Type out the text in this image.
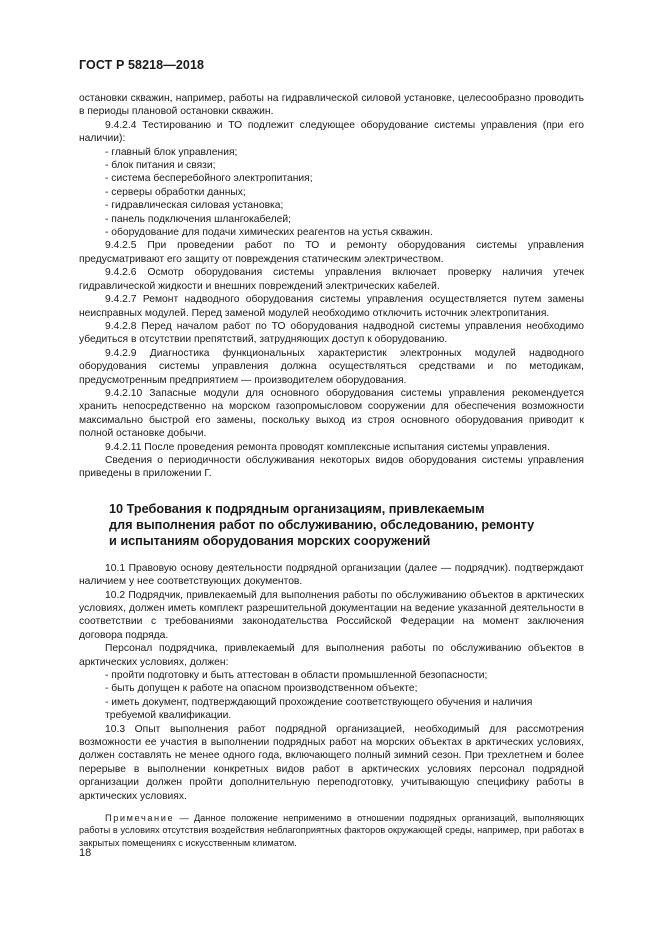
ГОСТ Р 58218—2018

остановки скважин, например, работы на гидравлической силовой установке, целесообразно проводить в периоды плановой остановки скважин.

9.4.2.4 Тестированию и ТО подлежит следующее оборудование системы управления (при его наличии):

- главный блок управления;

- блок питания и связи;

- система бесперебойного электропитания;

- серверы обработки данных;

- гидравлическая силовая установка;

- панель подключения шлангокабелей;

- оборудование для подачи химических реагентов на устья скважин.

9.4.2.5 При проведении работ по ТО и ремонту оборудования системы управления предусматривают его защиту от повреждения статическим электричеством.

9.4.2.6 Осмотр оборудования системы управления включает проверку наличия утечек гидравлической жидкости и внешних повреждений электрических кабелей.

9.4.2.7 Ремонт надводного оборудования системы управления осуществляется путем замены неисправных модулей. Перед заменой модулей необходимо отключить источник электропитания.

9.4.2.8 Перед началом работ по ТО оборудования надводной системы управления необходимо убедиться в отсутствии препятствий, затрудняющих доступ к оборудованию.

9.4.2.9 Диагностика функциональных характеристик электронных модулей надводного оборудования системы управления должна осуществляться средствами и по методикам, предусмотренным предприятием — производителем оборудования.

9.4.2.10 Запасные модули для основного оборудования системы управления рекомендуется хранить непосредственно на морском газопромысловом сооружении для обеспечения возможности максимально быстрой его замены, поскольку выход из строя основного оборудования приводит к полной остановке добычи.

9.4.2.11 После проведения ремонта проводят комплексные испытания системы управления.

Сведения о периодичности обслуживания некоторых видов оборудования системы управления приведены в приложении Г.

10 Требования к подрядным организациям, привлекаемым
для выполнения работ по обслуживанию, обследованию, ремонту
и испытаниям оборудования морских сооружений

10.1 Правовую основу деятельности подрядной организации (далее — подрядчик). подтверждают наличием у нее соответствующих документов.

10.2 Подрядчик, привлекаемый для выполнения работы по обслуживанию объектов в арктических условиях, должен иметь комплект разрешительной документации на ведение указанной деятельности в соответствии с требованиями законодательства Российской Федерации на момент заключения договора подряда.

Персонал подрядчика, привлекаемый для выполнения работы по обслуживанию объектов в арктических условиях, должен:

- пройти подготовку и быть аттестован в области промышленной безопасности;

- быть допущен к работе на опасном производственном объекте;

- иметь документ, подтверждающий прохождение соответствующего обучения и наличия требуемой квалификации.

10.3 Опыт выполнения работ подрядной организацией, необходимый для рассмотрения возможности ее участия в выполнении подрядных работ на морских объектах в арктических условиях, должен составлять не менее одного года, включающего полный зимний сезон. При трехлетнем и более перерыве в выполнении конкретных видов работ в арктических условиях персонал подрядной организации должен пройти дополнительную переподготовку, учитывающую специфику работы в арктических условиях.

Примечание — Данное положение неприменимо в отношении подрядных организаций, выполняющих работы в условиях отсутствия воздействия неблагоприятных факторов окружающей среды, например, при работах в закрытых помещениях с искусственным климатом.

18
